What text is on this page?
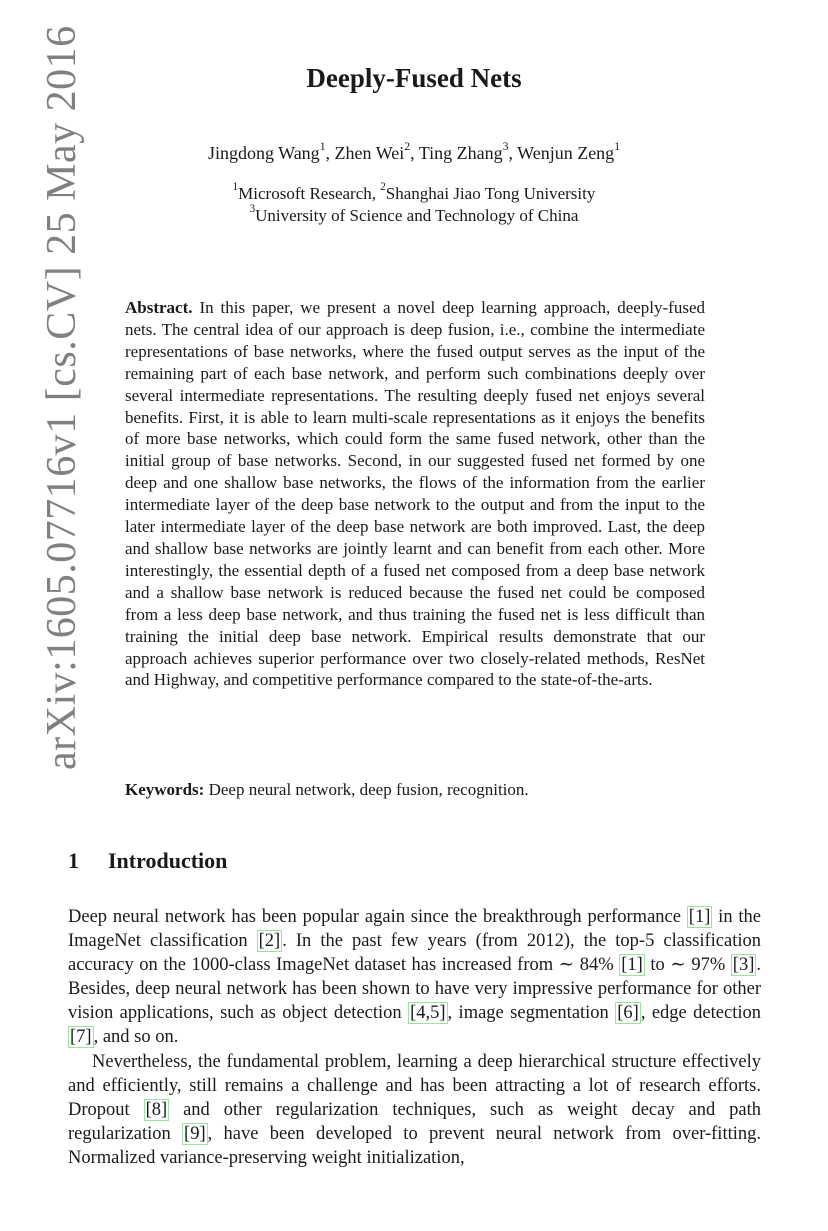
arXiv:1605.07716v1 [cs.CV] 25 May 2016	Deeply-Fused Nets
Jingdong Wang$^1$, Zhen Wei$^2$, Ting Zhang$^3$, Wenjun Zeng$^1$
$^1$Microsoft Research, $^2$Shanghai Jiao Tong University
$^3$University of Science and Technology of China
Abstract. In this paper, we present a novel deep learning approach, deeply-fused nets. The central idea of our approach is deep fusion, i.e., combine the intermediate representations of base networks, where the fused output serves as the input of the remaining part of each base network, and perform such combinations deeply over several intermediate representations. The resulting deeply fused net enjoys several benefits. First, it is able to learn multi-scale representations as it enjoys the benefits of more base networks, which could form the same fused network, other than the initial group of base networks. Second, in our suggested fused net formed by one deep and one shallow base networks, the flows of the information from the earlier intermediate layer of the deep base network to the output and from the input to the later intermediate layer of the deep base network are both improved. Last, the deep and shallow base networks are jointly learnt and can benefit from each other. More interestingly, the essential depth of a fused net composed from a deep base network and a shallow base network is reduced because the fused net could be composed from a less deep base network, and thus training the fused net is less difficult than training the initial deep base network. Empirical results demonstrate that our approach achieves superior performance over two closely-related methods, ResNet and Highway, and competitive performance compared to the state-of-the-arts.
Keywords: Deep neural network, deep fusion, recognition.
1 Introduction
Deep neural network has been popular again since the breakthrough performance [1] in the ImageNet classification [2] . In the past few years (from 2012), the top-5 classification accuracy on the 1000-class ImageNet dataset has increased from ∼ 84% [1] to ∼ 97% [3] . Besides, deep neural network has been shown to have very impressive performance for other vision applications, such as object detection [4,5] , image segmentation [6] , edge detection [7] , and so on.
Nevertheless, the fundamental problem, learning a deep hierarchical structure effectively and efficiently, still remains a challenge and has been attracting a lot of research efforts. Dropout [8] and other regularization techniques, such as weight decay and path regularization [9] , have been developed to prevent neural network from over-fitting. Normalized variance-preserving weight initialization,
